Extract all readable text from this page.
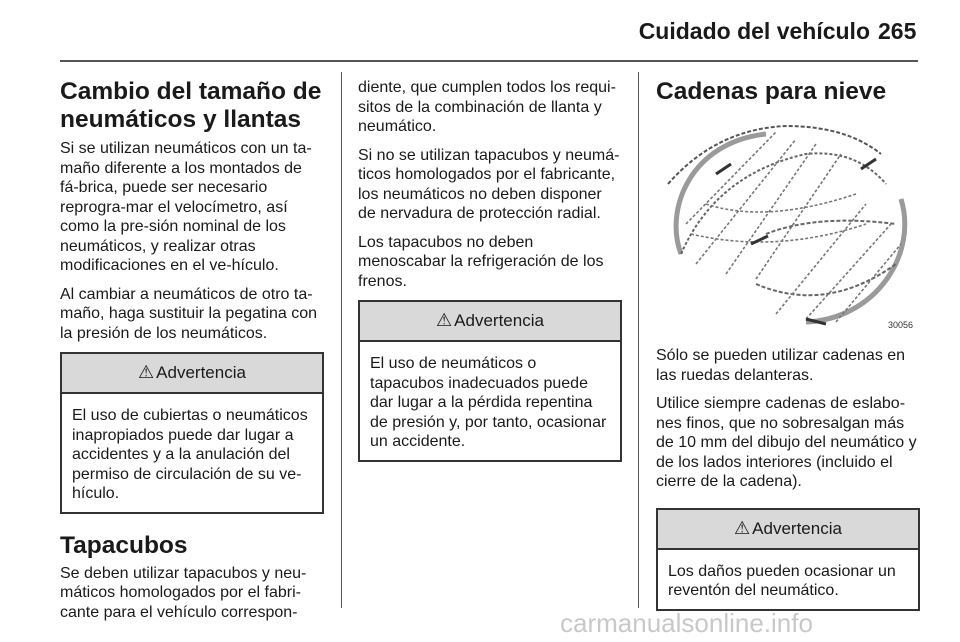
Cuidado del vehículo 265
Cambio del tamaño de neumáticos y llantas

Si se utilizan neumáticos con un ta-maño diferente a los montados de fá-brica, puede ser necesario reprogra-mar el velocímetro, así como la pre-sión nominal de los neumáticos, y realizar otras modificaciones en el ve-hículo.

Al cambiar a neumáticos de otro ta-maño, haga sustituir la pegatina con la presión de los neumáticos.

⚠ Advertencia
El uso de cubiertas o neumáticos inapropiados puede dar lugar a accidentes y a la anulación del permiso de circulación de su ve-hículo.
Tapacubos

Se deben utilizar tapacubos y neu-máticos homologados por el fabri-cante para el vehículo correspon-

diente, que cumplen todos los requi-sitos de la combinación de llanta y neumático.

Si no se utilizan tapacubos y neumá-ticos homologados por el fabricante, los neumáticos no deben disponer de nervadura de protección radial.

Los tapacubos no deben menoscabar la refrigeración de los frenos.

⚠ Advertencia
El uso de neumáticos o tapacubos inadecuados puede dar lugar a la pérdida repentina de presión y, por tanto, ocasionar un accidente.
Cadenas para nieve
30056

Sólo se pueden utilizar cadenas en las ruedas delanteras.

Utilice siempre cadenas de eslabo-nes finos, que no sobresalgan más de 10 mm del dibujo del neumático y de los lados interiores (incluido el cierre de la cadena).

⚠ Advertencia
Los daños pueden ocasionar un reventón del neumático.
carmanualsonline.info
